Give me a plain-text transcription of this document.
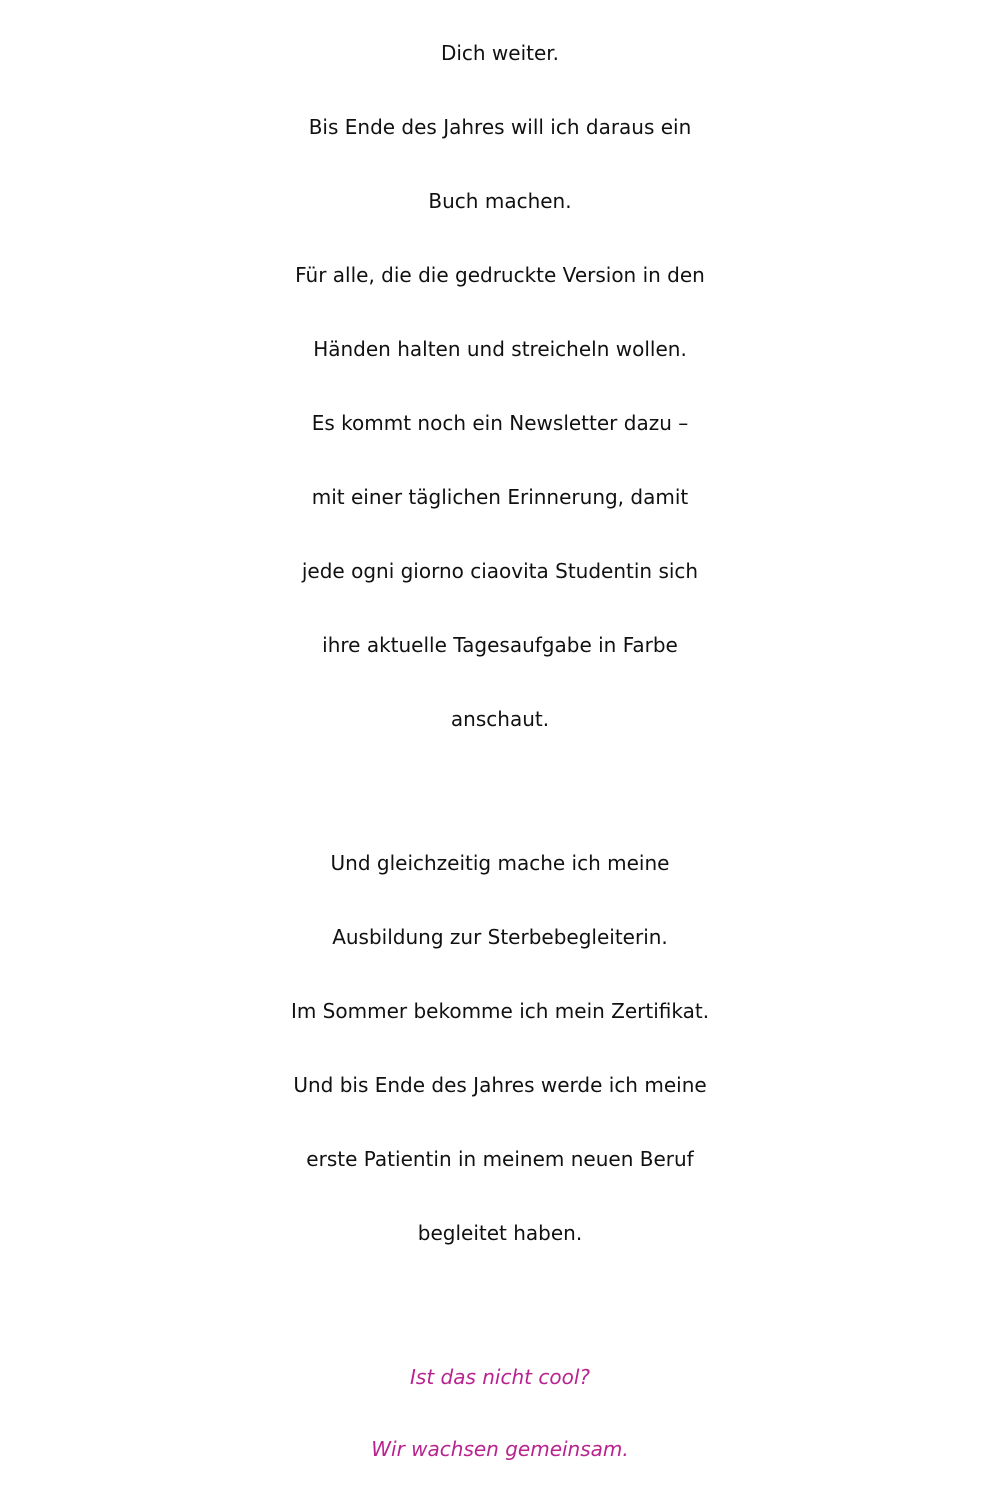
Dich weiter.
Bis Ende des Jahres will ich daraus ein
Buch machen.
Für alle, die die gedruckte Version in den
Händen halten und streicheln wollen.
Es kommt noch ein Newsletter dazu –
mit einer täglichen Erinnerung, damit
jede ogni giorno ciaovita Studentin sich
ihre aktuelle Tagesaufgabe in Farbe
anschaut.
Und gleichzeitig mache ich meine
Ausbildung zur Sterbebegleiterin.
Im Sommer bekomme ich mein Zertifikat.
Und bis Ende des Jahres werde ich meine
erste Patientin in meinem neuen Beruf
begleitet haben.
Ist das nicht cool?
Wir wachsen gemeinsam.
